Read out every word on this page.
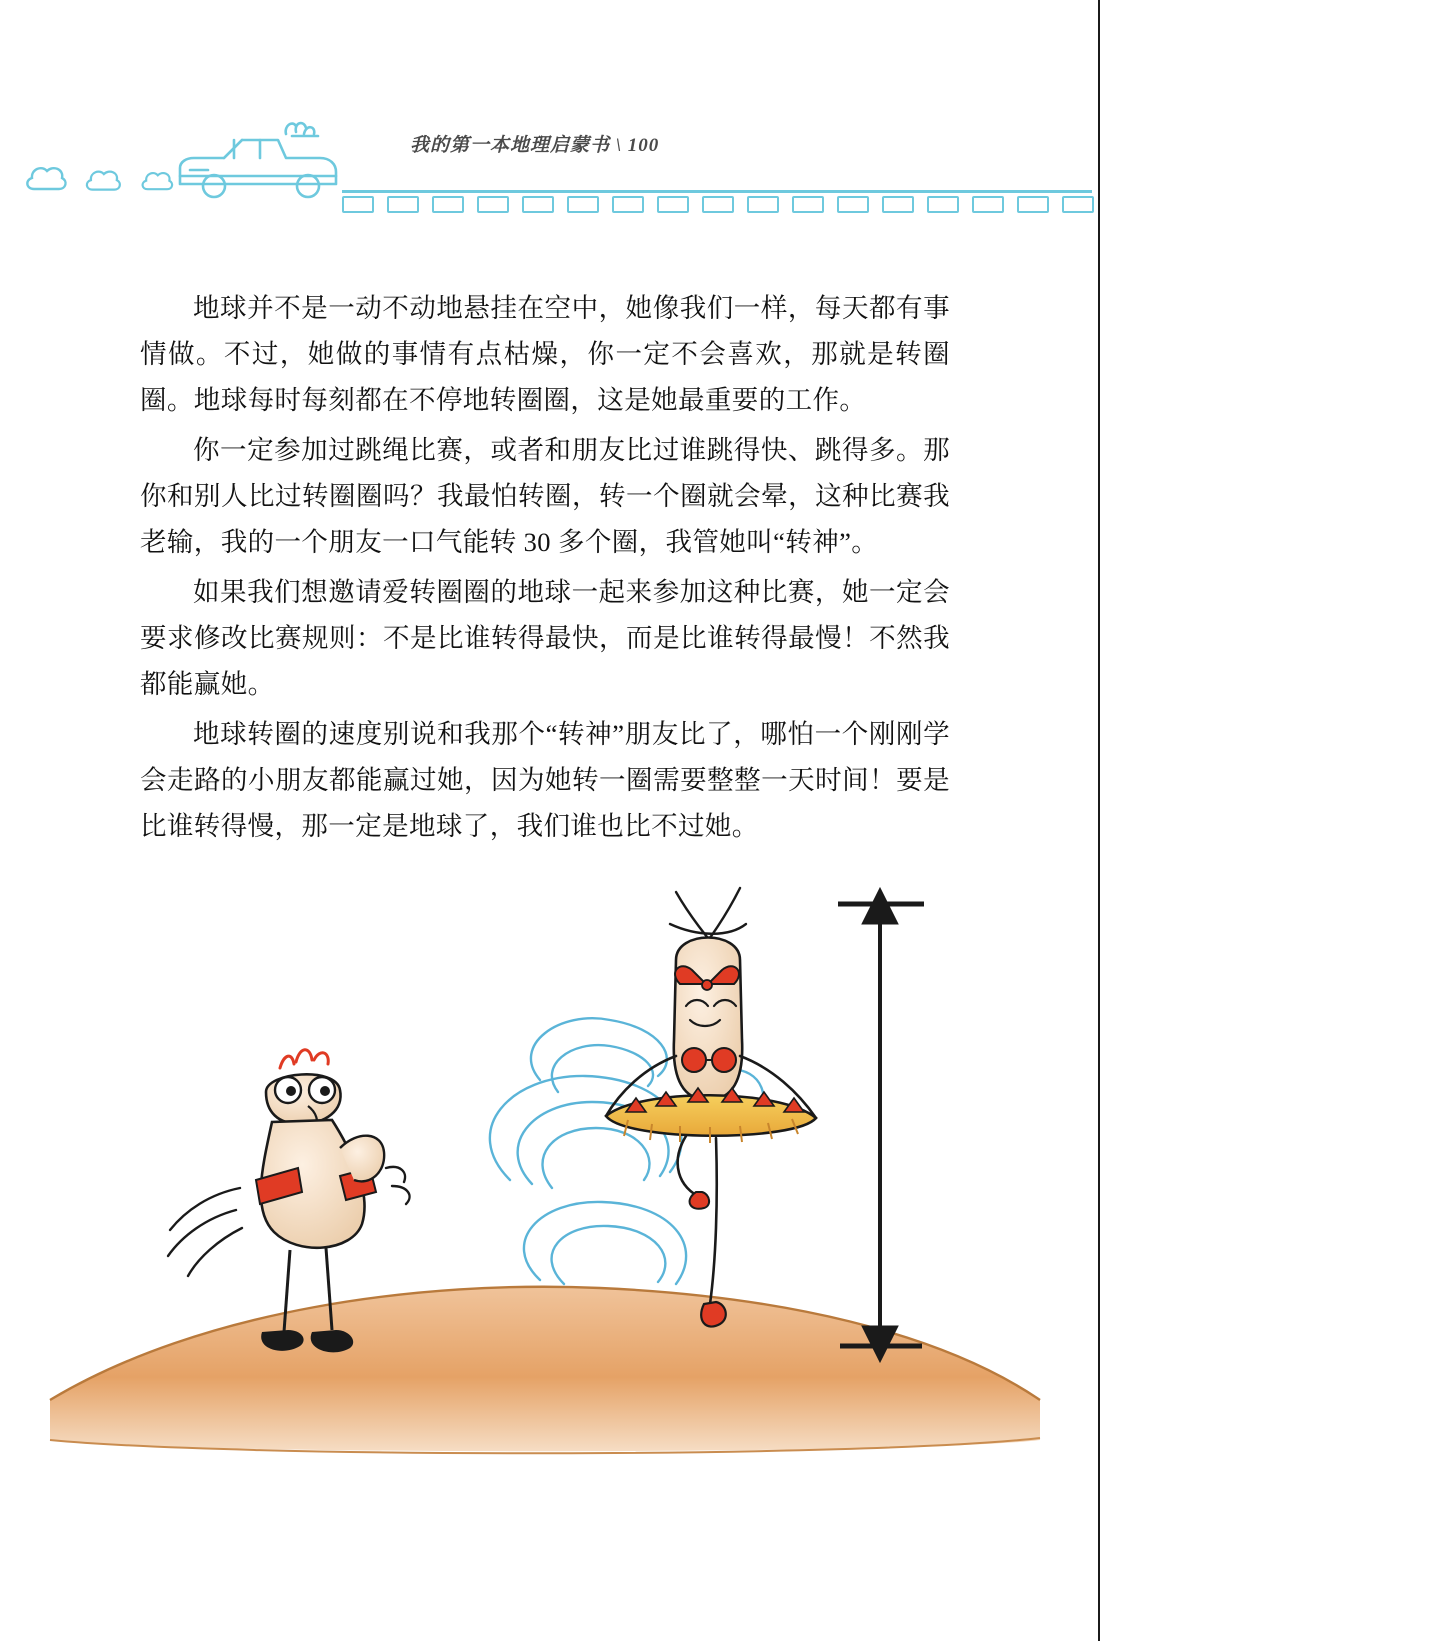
我的第一本地理启蒙书 \ 100

地球并不是一动不动地悬挂在空中，她像我们一样，每天都有事情做。不过，她做的事情有点枯燥，你一定不会喜欢，那就是转圈圈。地球每时每刻都在不停地转圈圈，这是她最重要的工作。

你一定参加过跳绳比赛，或者和朋友比过谁跳得快、跳得多。那你和别人比过转圈圈吗？我最怕转圈，转一个圈就会晕，这种比赛我老输，我的一个朋友一口气能转 30 多个圈，我管她叫“转神”。

如果我们想邀请爱转圈圈的地球一起来参加这种比赛，她一定会要求修改比赛规则：不是比谁转得最快，而是比谁转得最慢！不然我都能赢她。

地球转圈的速度别说和我那个“转神”朋友比了，哪怕一个刚刚学会走路的小朋友都能赢过她，因为她转一圈需要整整一天时间！要是比谁转得慢，那一定是地球了，我们谁也比不过她。
